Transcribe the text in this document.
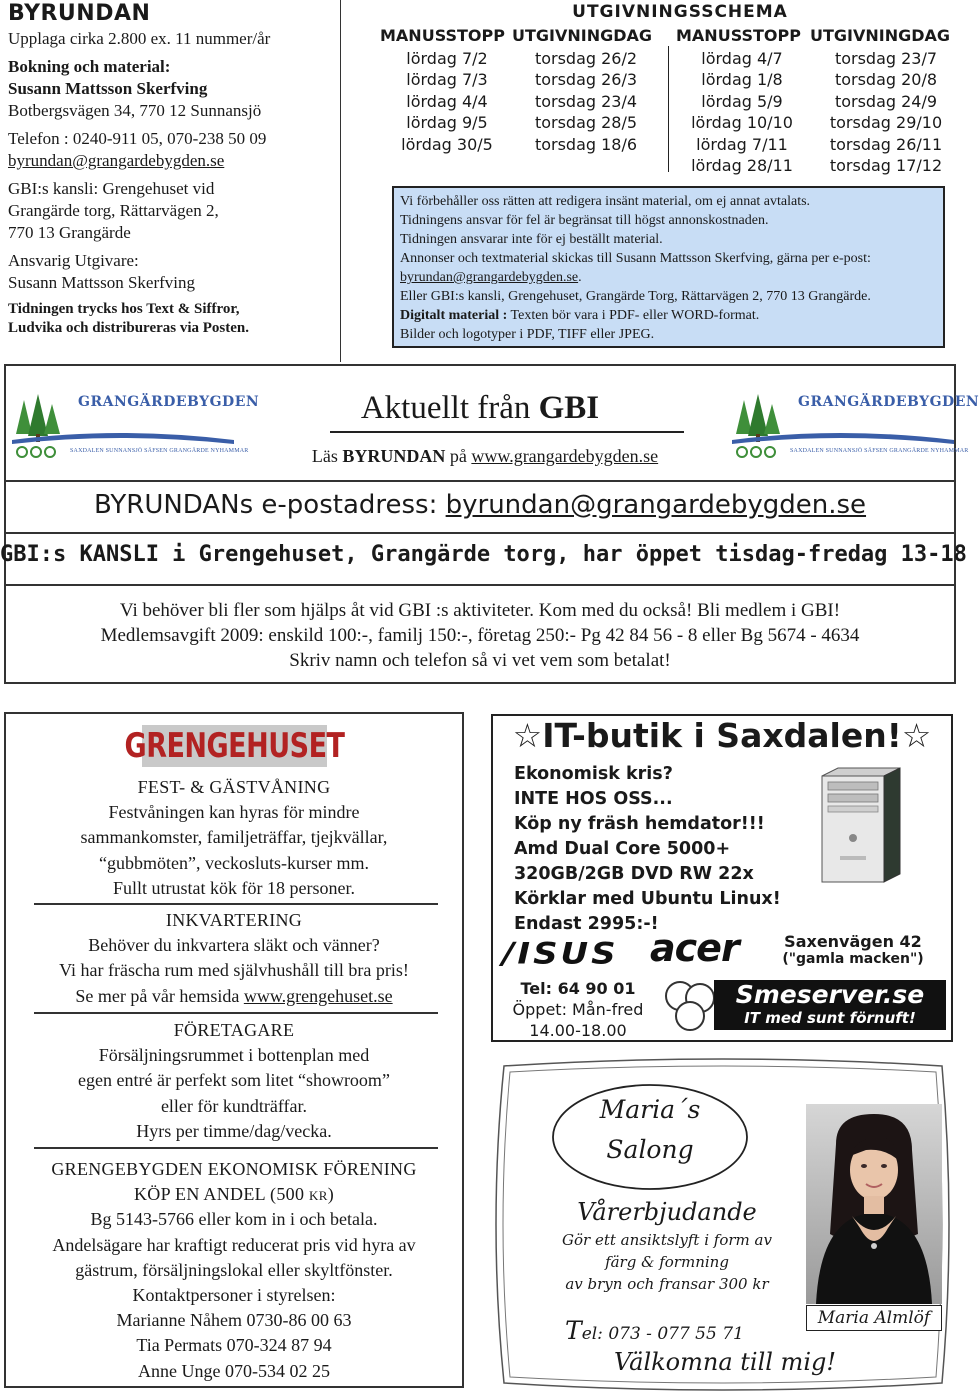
BYRUNDAN
Upplaga cirka 2.800 ex. 11 nummer/år
Bokning och material:
Susann Mattsson Skerfving
Botbergsvägen 34, 770 12 Sunnansjö
Telefon : 0240-911 05, 070-238 50 09
byrundan@grangardebygden.se
GBI:s kansli: Grengehuset vid
Grangärde torg, Rättarvägen 2,
770 13 Grangärde
Ansvarig Utgivare:
Susann Mattsson Skerfving
Tidningen trycks hos Text & Siffror,
Ludvika och distribureras via Posten.
UTGIVNINGSSCHEMA
MANUSSTOPP UTGIVNINGDAG MANUSSTOPP UTGIVNINGDAG
lördag 7/2
lördag 7/3
lördag 4/4
lördag 9/5
lördag 30/5
torsdag 26/2
torsdag 26/3
torsdag 23/4
torsdag 28/5
torsdag 18/6
lördag 4/7
lördag 1/8
lördag 5/9
lördag 10/10
lördag 7/11
lördag 28/11
torsdag 23/7
torsdag 20/8
torsdag 24/9
torsdag 29/10
torsdag 26/11
torsdag 17/12
Vi förbehåller oss rätten att redigera insänt material, om ej annat avtalats.
Tidningens ansvar för fel är begränsat till högst annonskostnaden.
Tidningen ansvarar inte för ej beställt material.
Annonser och textmaterial skickas till Susann Mattsson Skerfving, gärna per e-post:
byrundan@grangardebygden.se.
Eller GBI:s kansli, Grengehuset, Grangärde Torg, Rättarvägen 2, 770 13 Grangärde.
Digitalt material : Texten bör vara i PDF- eller WORD-format.
Bilder och logotyper i PDF, TIFF eller JPEG.
GRANGÄRDEBYGDEN
SAXDALEN SUNNANSJÖ SÄFSEN GRANGÄRDE NYHAMMAR
GRANGÄRDEBYGDEN
SAXDALEN SUNNANSJÖ SÄFSEN GRANGÄRDE NYHAMMAR
Aktuellt från GBI
Läs BYRUNDAN på www.grangardebygden.se
BYRUNDANs e-postadress: byrundan@grangardebygden.se
GBI:s KANSLI i Grengehuset, Grangärde torg, har öppet tisdag-fredag 13-18
Vi behöver bli fler som hjälps åt vid GBI :s aktiviteter. Kom med du också! Bli medlem i GBI!
Medlemsavgift 2009: enskild 100:-, familj 150:-, företag 250:- Pg 42 84 56 - 8 eller Bg 5674 - 4634
Skriv namn och telefon så vi vet vem som betalat!
GRENGEHUSET
FEST- & GÄSTVÅNING
Festvåningen kan hyras för mindre
sammankomster, familjeträffar, tjejkvällar,
“gubbmöten”, veckosluts-kurser mm.
Fullt utrustat kök för 18 personer.
INKVARTERING
Behöver du inkvartera släkt och vänner?
Vi har fräscha rum med självhushåll till bra pris!
Se mer på vår hemsida www.grengehuset.se
FÖRETAGARE
Försäljningsrummet i bottenplan med
egen entré är perfekt som litet “showroom”
eller för kundträffar.
Hyrs per timme/dag/vecka.
GRENGEBYGDEN EKONOMISK FÖRENING
KÖP EN ANDEL (500 kr)
Bg 5143-5766 eller kom in i och betala.
Andelsägare har kraftigt reducerat pris vid hyra av
gästrum, försäljningslokal eller skyltfönster.
Kontaktpersoner i styrelsen:
Marianne Nåhem 0730-86 00 63
Tia Permats 070-324 87 94
Anne Unge 070-534 02 25
☆IT-butik i Saxdalen!☆
Ekonomisk kris?
INTE HOS OSS...
Köp ny fräsh hemdator!!!
Amd Dual Core 5000+
320GB/2GB DVD RW 22x
Körklar med Ubuntu Linux!
Endast 2995:-!
/ISUS acer	Saxenvägen 42
("gamla macken")
Tel: 64 90 01
Öppet: Mån-fred
14.00-18.00
Smeserver.se
IT med sunt förnuft!
Maria´s
Salong
Vårerbjudande
Gör ett ansiktslyft i form av
färg & formning
av bryn och fransar 300 kr
Tel: 073 - 077 55 71
Välkomna till mig!
Maria Almlöf
